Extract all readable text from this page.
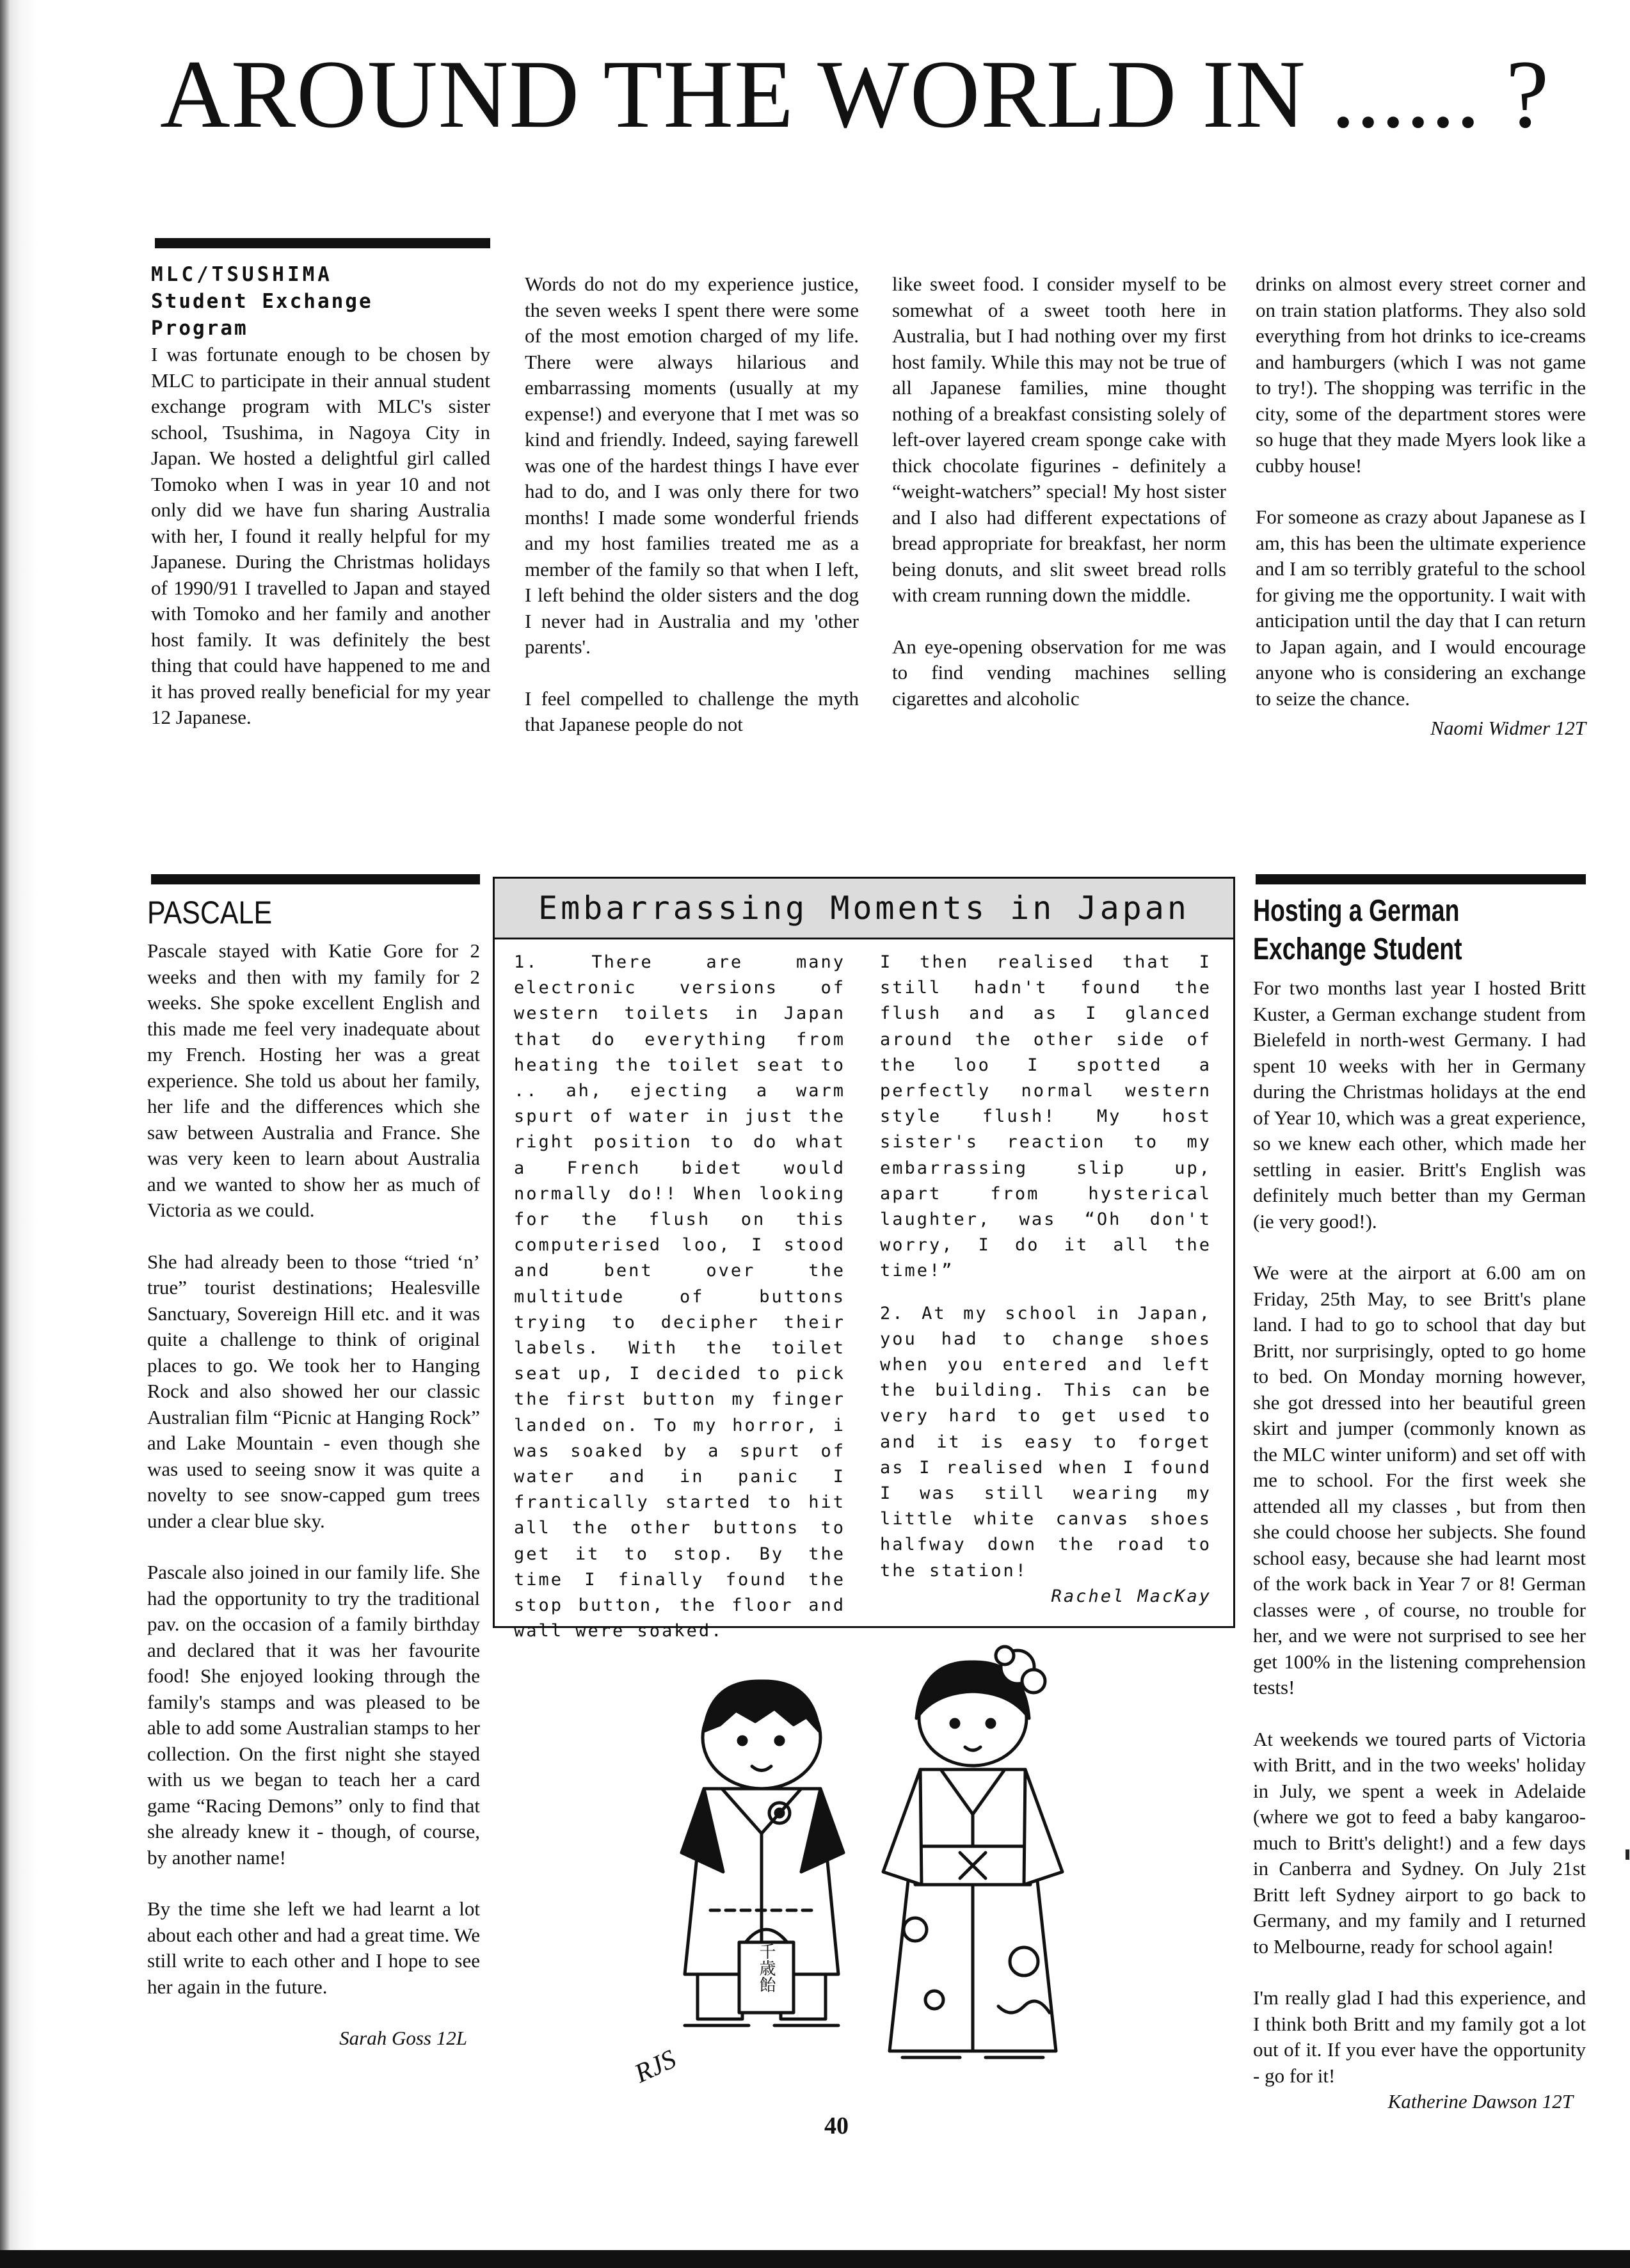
AROUND THE WORLD IN ...... ?
MLC/TSUSHIMA
Student Exchange
Program

I was fortunate enough to be chosen by MLC to participate in their annual student exchange program with MLC's sister school, Tsushima, in Nagoya City in Japan. We hosted a delightful girl called Tomoko when I was in year 10 and not only did we have fun sharing Australia with her, I found it really helpful for my Japanese. During the Christmas holidays of 1990/91 I travelled to Japan and stayed with Tomoko and her family and another host family. It was definitely the best thing that could have happened to me and it has proved really beneficial for my year 12 Japanese.

Words do not do my experience justice, the seven weeks I spent there were some of the most emotion charged of my life. There were always hilarious and embarrassing moments (usually at my expense!) and everyone that I met was so kind and friendly. Indeed, saying farewell was one of the hardest things I have ever had to do, and I was only there for two months! I made some wonderful friends and my host families treated me as a member of the family so that when I left, I left behind the older sisters and the dog I never had in Australia and my 'other parents'.

I feel compelled to challenge the myth that Japanese people do not

like sweet food. I consider myself to be somewhat of a sweet tooth here in Australia, but I had nothing over my first host family. While this may not be true of all Japanese families, mine thought nothing of a breakfast consisting solely of left-over layered cream sponge cake with thick chocolate figurines - definitely a “weight-watchers” special! My host sister and I also had different expectations of bread appropriate for breakfast, her norm being donuts, and slit sweet bread rolls with cream running down the middle.

An eye-opening observation for me was to find vending machines selling cigarettes and alcoholic

drinks on almost every street corner and on train station platforms. They also sold everything from hot drinks to ice-creams and hamburgers (which I was not game to try!). The shopping was terrific in the city, some of the department stores were so huge that they made Myers look like a cubby house!

For someone as crazy about Japanese as I am, this has been the ultimate experience and I am so terribly grateful to the school for giving me the opportunity. I wait with anticipation until the day that I can return to Japan again, and I would encourage anyone who is considering an exchange to seize the chance.

Naomi Widmer 12T
PASCALE

Pascale stayed with Katie Gore for 2 weeks and then with my family for 2 weeks. She spoke excellent English and this made me feel very inadequate about my French. Hosting her was a great experience. She told us about her family, her life and the differences which she saw between Australia and France. She was very keen to learn about Australia and we wanted to show her as much of Victoria as we could.

She had already been to those “tried ‘n’ true” tourist destinations; Healesville Sanctuary, Sovereign Hill etc. and it was quite a challenge to think of original places to go. We took her to Hanging Rock and also showed her our classic Australian film “Picnic at Hanging Rock” and Lake Mountain - even though she was used to seeing snow it was quite a novelty to see snow-capped gum trees under a clear blue sky.

Pascale also joined in our family life. She had the opportunity to try the traditional pav. on the occasion of a family birthday and declared that it was her favourite food! She enjoyed looking through the family's stamps and was pleased to be able to add some Australian stamps to her collection. On the first night she stayed with us we began to teach her a card game “Racing Demons” only to find that she already knew it - though, of course, by another name!

By the time she left we had learnt a lot about each other and had a great time. We still write to each other and I hope to see her again in the future.

Sarah Goss 12L
Embarrassing Moments in Japan

1. There are many electronic versions of western toilets in Japan that do everything from heating the toilet seat to .. ah, ejecting a warm spurt of water in just the right position to do what a French bidet would normally do!! When looking for the flush on this computerised loo, I stood and bent over the multitude of buttons trying to decipher their labels. With the toilet seat up, I decided to pick the first button my finger landed on. To my horror, i was soaked by a spurt of water and in panic I frantically started to hit all the other buttons to get it to stop. By the time I finally found the stop button, the floor and wall were soaked.

I then realised that I still hadn't found the flush and as I glanced around the other side of the loo I spotted a perfectly normal western style flush! My host sister's reaction to my embarrassing slip up, apart from hysterical laughter, was “Oh don't worry, I do it all the time!”

2. At my school in Japan, you had to change shoes when you entered and left the building. This can be very hard to get used to and it is easy to forget as I realised when I found I was still wearing my little white canvas shoes halfway down the road to the station!

Rachel MacKay
千歳飴
RJS
Hosting a German
Exchange Student

For two months last year I hosted Britt Kuster, a German exchange student from Bielefeld in north-west Germany. I had spent 10 weeks with her in Germany during the Christmas holidays at the end of Year 10, which was a great experience, so we knew each other, which made her settling in easier. Britt's English was definitely much better than my German (ie very good!).

We were at the airport at 6.00 am on Friday, 25th May, to see Britt's plane land. I had to go to school that day but Britt, nor surprisingly, opted to go home to bed. On Monday morning however, she got dressed into her beautiful green skirt and jumper (commonly known as the MLC winter uniform) and set off with me to school. For the first week she attended all my classes , but from then she could choose her subjects. She found school easy, because she had learnt most of the work back in Year 7 or 8! German classes were , of course, no trouble for her, and we were not surprised to see her get 100% in the listening comprehension tests!

At weekends we toured parts of Victoria with Britt, and in the two weeks' holiday in July, we spent a week in Adelaide (where we got to feed a baby kangaroo- much to Britt's delight!) and a few days in Canberra and Sydney. On July 21st Britt left Sydney airport to go back to Germany, and my family and I returned to Melbourne, ready for school again!

I'm really glad I had this experience, and I think both Britt and my family got a lot out of it. If you ever have the opportunity - go for it!

Katherine Dawson 12T
40
